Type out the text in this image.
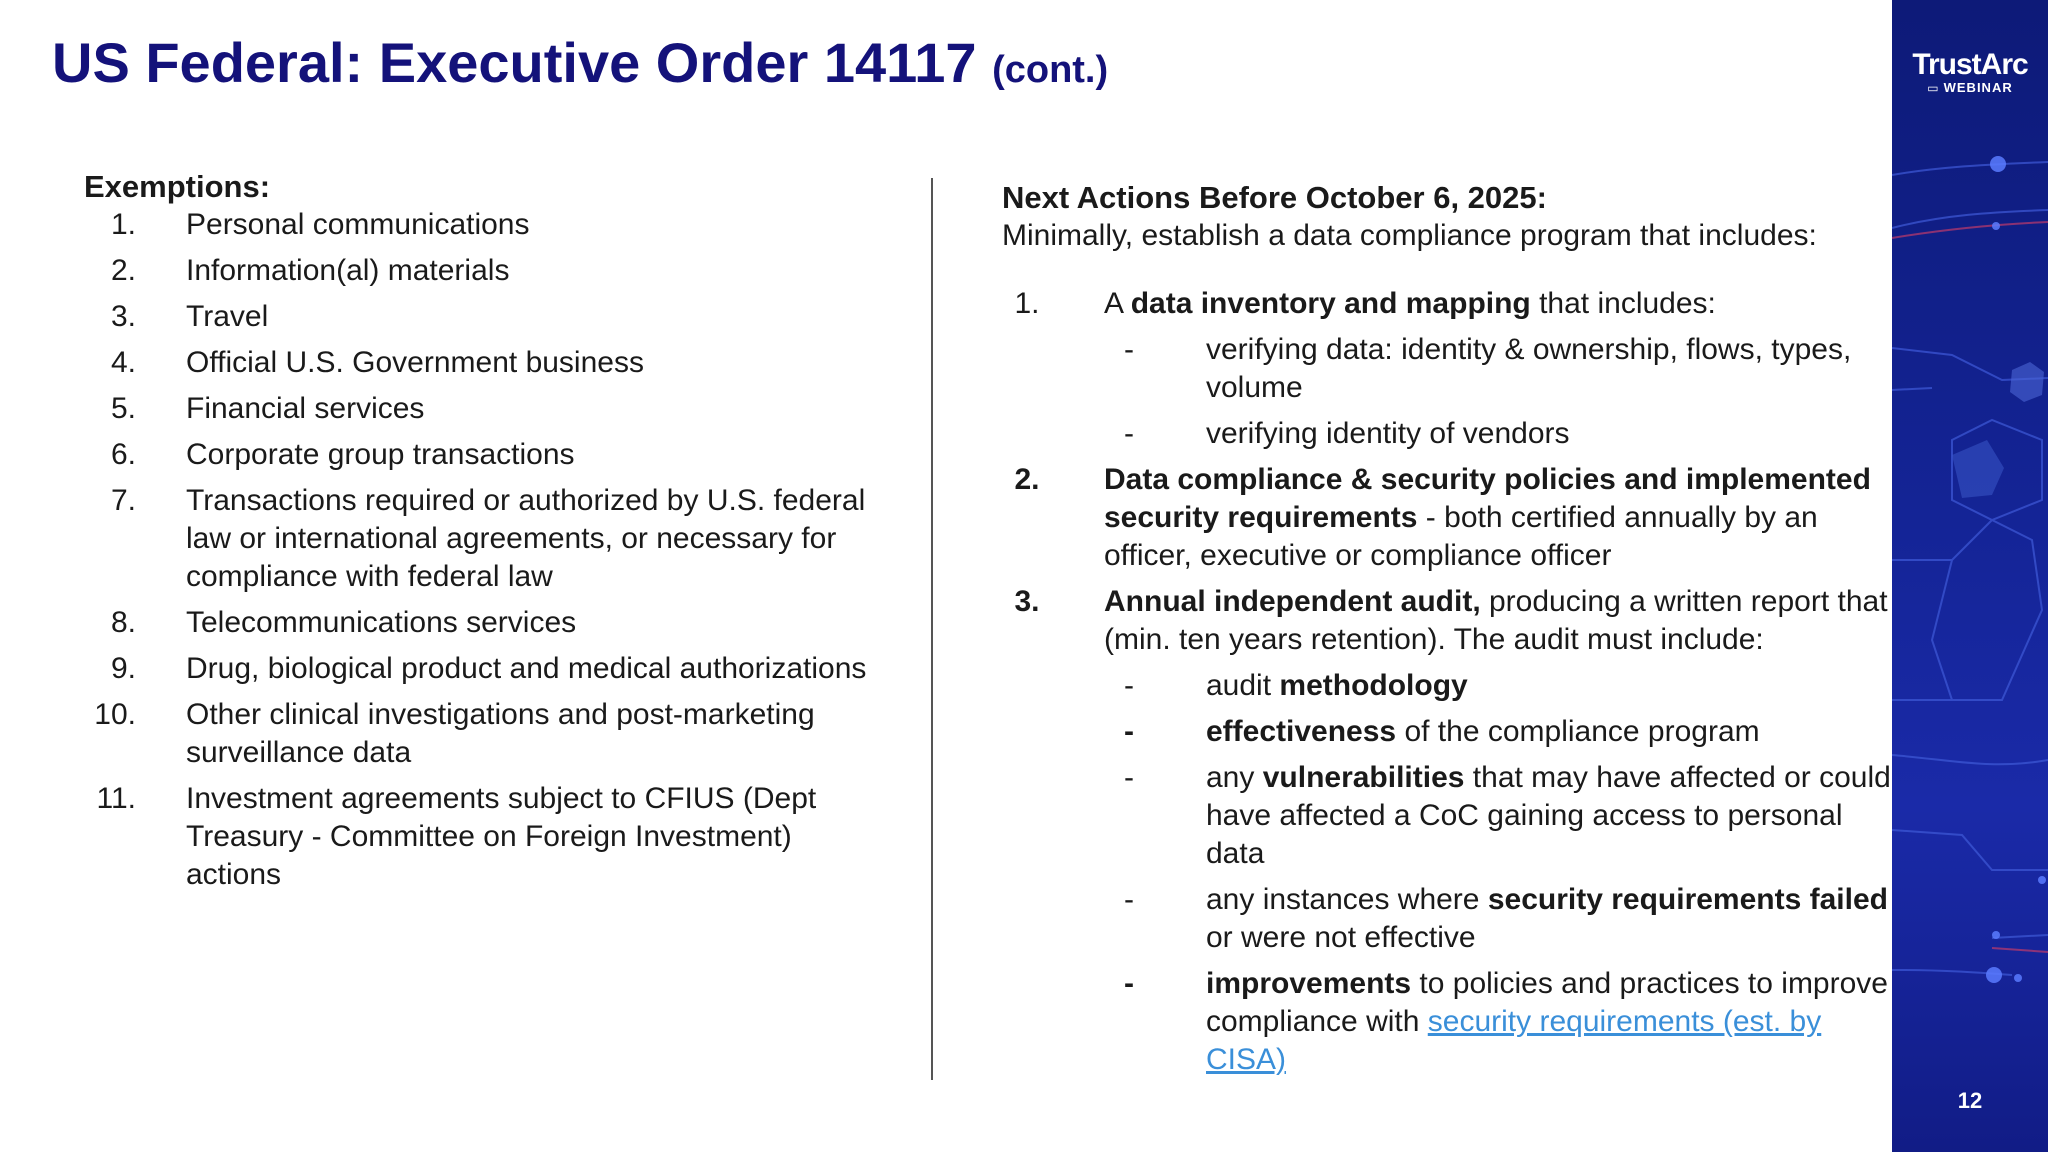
US Federal: Executive Order 14117 (cont.)
Exemptions:
1. Personal communications
2. Information(al) materials
3. Travel
4. Official U.S. Government business
5. Financial services
6. Corporate group transactions
7. Transactions required or authorized by U.S. federal law or international agreements, or necessary for compliance with federal law
8. Telecommunications services
9. Drug, biological product and medical authorizations
10. Other clinical investigations and post-marketing surveillance data
11. Investment agreements subject to CFIUS (Dept Treasury - Committee on Foreign Investment) actions
Next Actions Before October 6, 2025:
Minimally, establish a data compliance program that includes:
1.	A data inventory and mapping that includes:
-	verifying data: identity & ownership, flows, types, volume
-	verifying identity of vendors
2.	Data compliance & security policies and implemented security requirements - both certified annually by an officer, executive or compliance officer
3.	Annual independent audit, producing a written report that (min. ten years retention). The audit must include:
-	audit methodology
-	effectiveness of the compliance program
-	any vulnerabilities that may have affected or could have affected a CoC gaining access to personal data
-	any instances where security requirements failed or were not effective
-	improvements to policies and practices to improve compliance with security requirements (est. by CISA)
TrustArc
▭ WEBINAR
12
